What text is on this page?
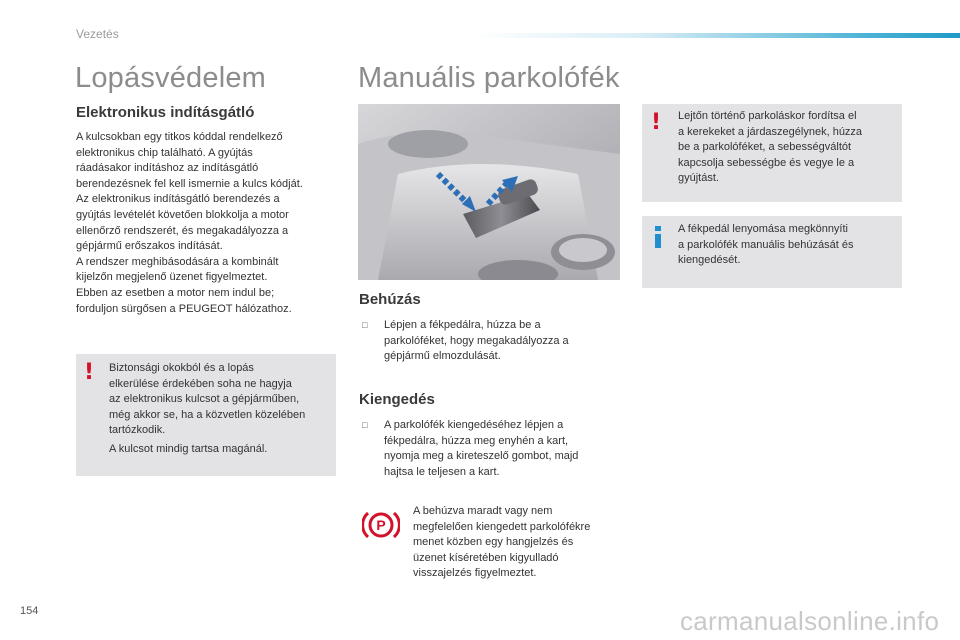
Vezetés
Lopásvédelem
Elektronikus indításgátló
A kulcsokban egy titkos kóddal rendelkező
elektronikus chip található. A gyújtás
ráadásakor indításhoz az indításgátló
berendezésnek fel kell ismernie a kulcs kódját.
Az elektronikus indításgátló berendezés a
gyújtás levételét követően blokkolja a motor
ellenőrző rendszerét, és megakadályozza a
gépjármű erőszakos indítását.
A rendszer meghibásodására a kombinált
kijelzőn megjelenő üzenet figyelmeztet.
Ebben az esetben a motor nem indul be;
forduljon sürgősen a PEUGEOT hálózathoz.
! Biztonsági okokból és a lopás
elkerülése érdekében soha ne hagyja
az elektronikus kulcsot a gépjárműben,
még akkor se, ha a közvetlen közelében
tartózkodik.
A kulcsot mindig tartsa magánál.
Manuális parkolófék
Behúzás
□ Lépjen a fékpedálra, húzza be a
parkolóféket, hogy megakadályozza a
gépjármű elmozdulását.
Kiengedés
□ A parkolófék kiengedéséhez lépjen a
fékpedálra, húzza meg enyhén a kart,
nyomja meg a kireteszelő gombot, majd
hajtsa le teljesen a kart.
P
A behúzva maradt vagy nem
megfelelően kiengedett parkolófékre
menet közben egy hangjelzés és
üzenet kíséretében kigyulladó
visszajelzés figyelmeztet.
! Lejtőn történő parkoláskor fordítsa el
a kerekeket a járdaszegélynek, húzza
be a parkolóféket, a sebességváltót
kapcsolja sebességbe és vegye le a
gyújtást.
A fékpedál lenyomása megkönnyíti
a parkolófék manuális behúzását és
kiengedését.
154	carmanualsonline.info
